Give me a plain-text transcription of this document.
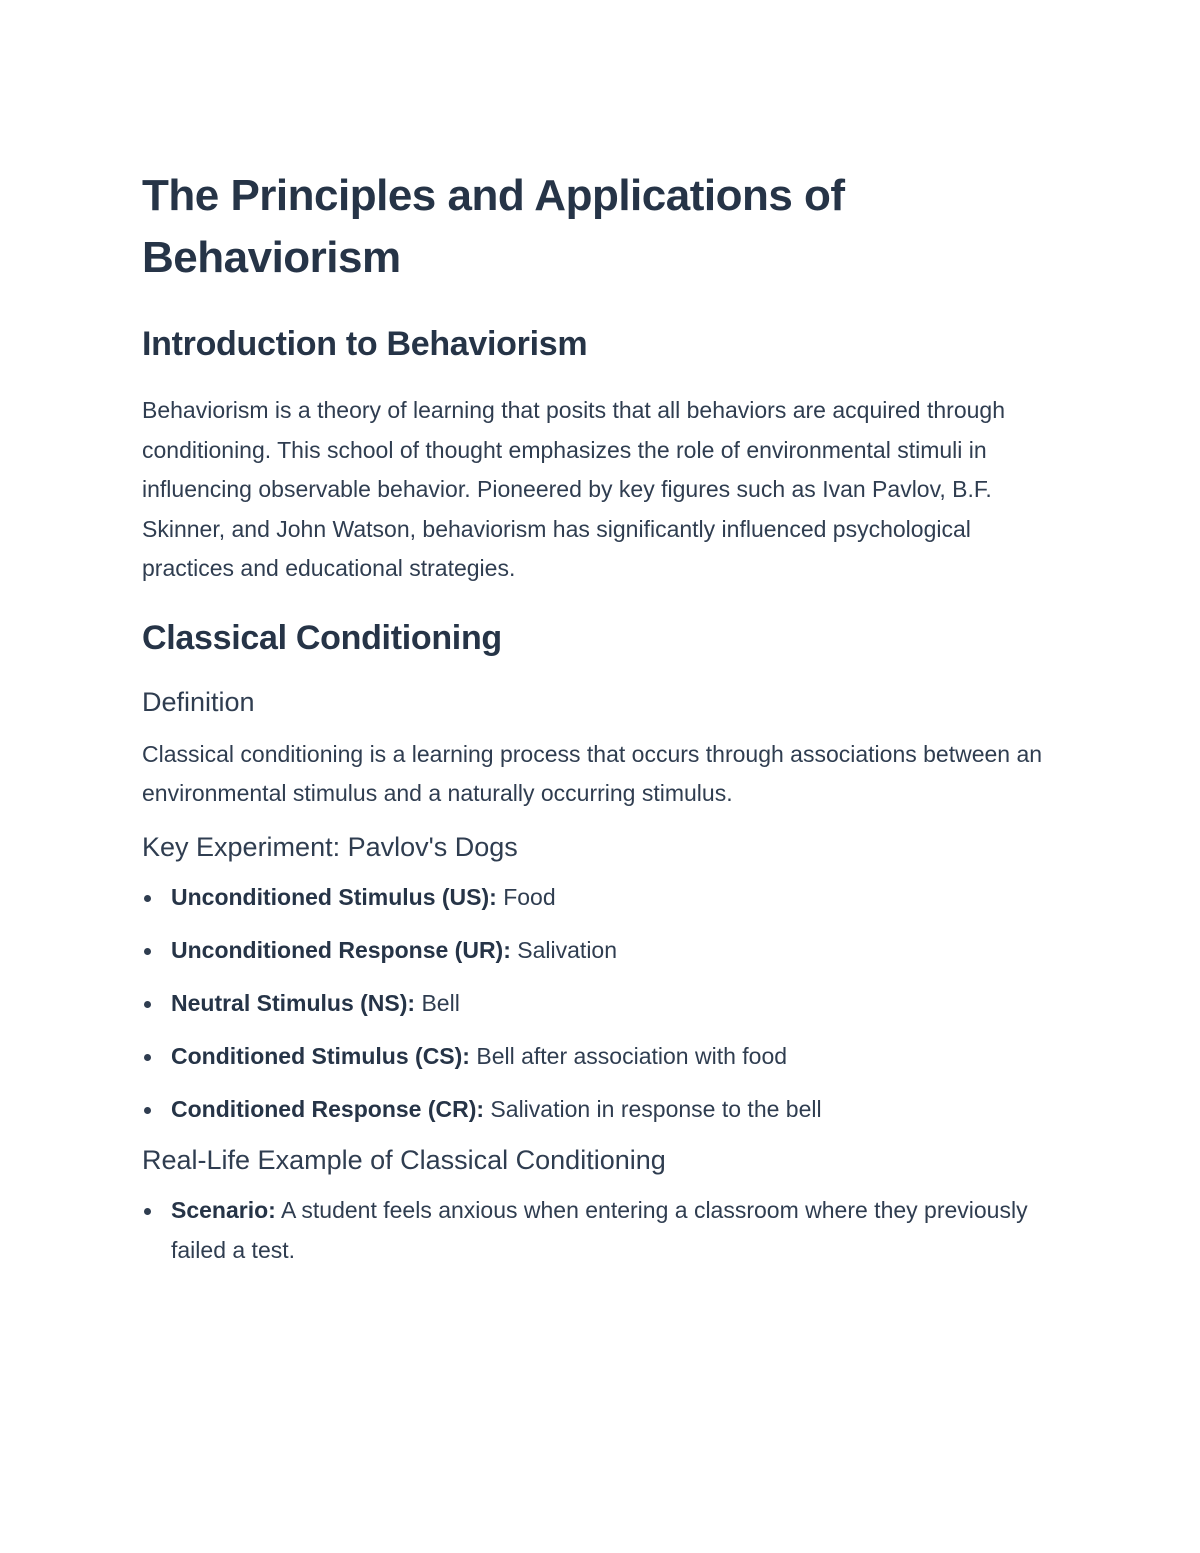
The Principles and Applications of Behaviorism
Introduction to Behaviorism

Behaviorism is a theory of learning that posits that all behaviors are acquired through conditioning. This school of thought emphasizes the role of environmental stimuli in influencing observable behavior. Pioneered by key figures such as Ivan Pavlov, B.F. Skinner, and John Watson, behaviorism has significantly influenced psychological practices and educational strategies.

Classical Conditioning
Definition

Classical conditioning is a learning process that occurs through associations between an environmental stimulus and a naturally occurring stimulus.

Key Experiment: Pavlov's Dogs
Unconditioned Stimulus (US): Food
Unconditioned Response (UR): Salivation
Neutral Stimulus (NS): Bell
Conditioned Stimulus (CS): Bell after association with food
Conditioned Response (CR): Salivation in response to the bell
Real-Life Example of Classical Conditioning
Scenario: A student feels anxious when entering a classroom where they previously failed a test.
